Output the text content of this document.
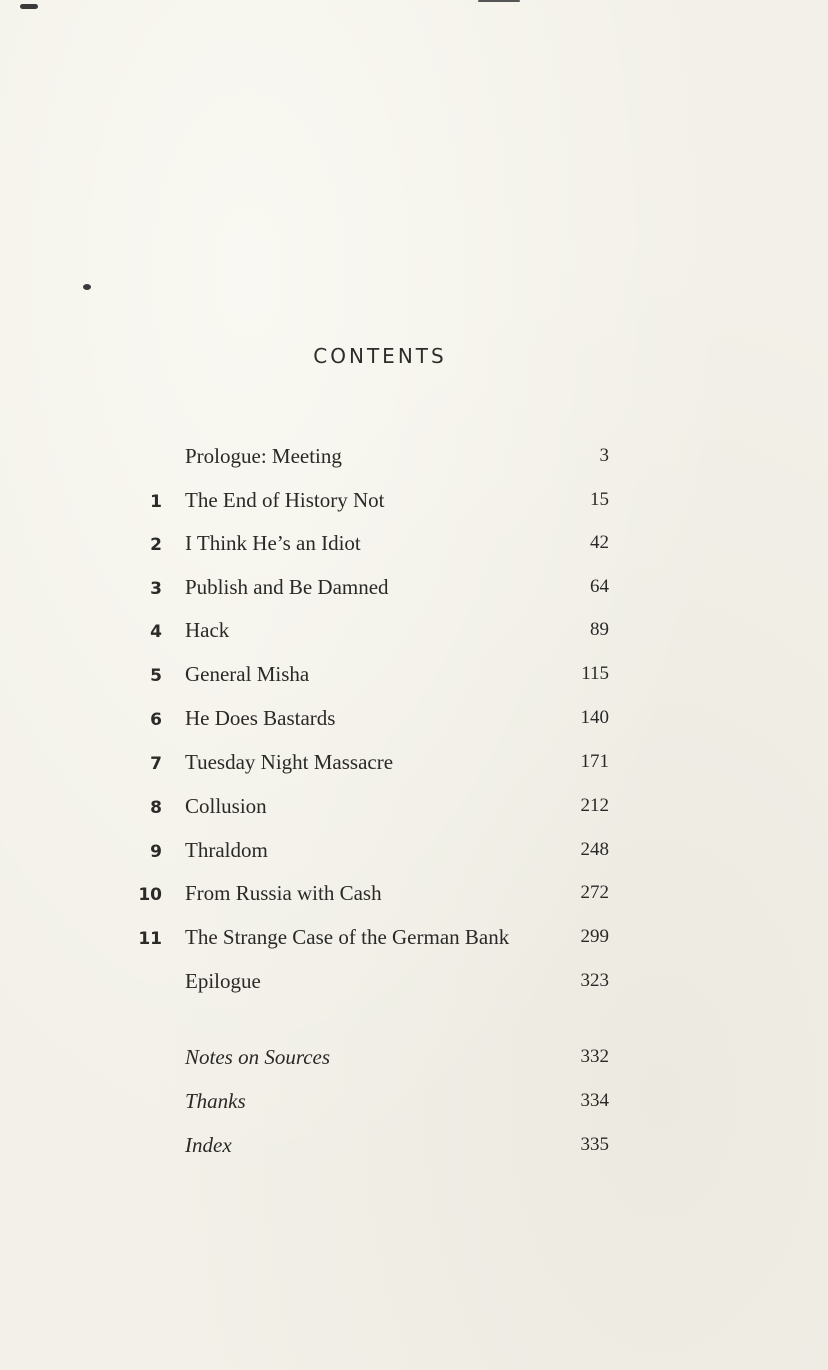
CONTENTS
Prologue: Meeting	3
1 The End of History Not	15
2 I Think He’s an Idiot	42
3 Publish and Be Damned	64
4 Hack	89
5 General Misha	115
6 He Does Bastards	140
7 Tuesday Night Massacre	171
8 Collusion	212
9 Thraldom	248
10 From Russia with Cash	272
11 The Strange Case of the German Bank	299
Epilogue	323
Notes on Sources	332
Thanks	334
Index	335
